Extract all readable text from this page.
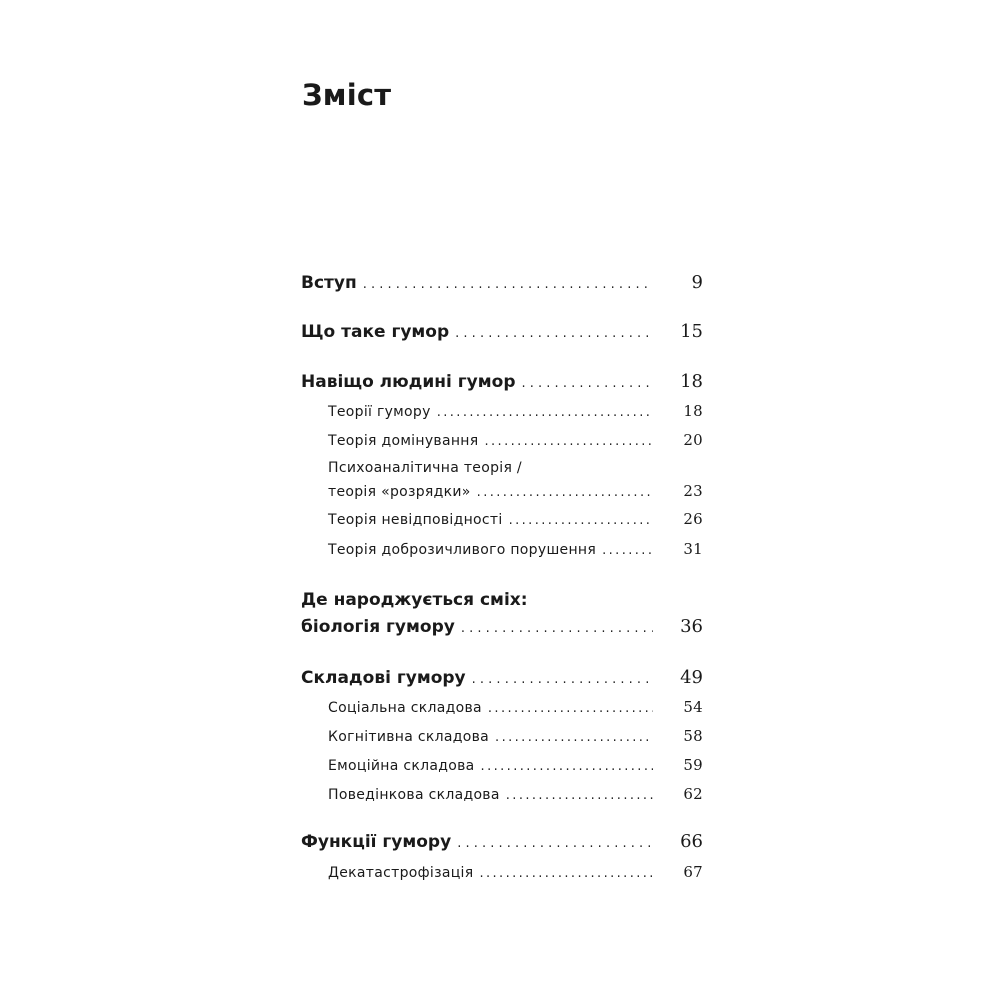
Зміст
Вступ . . .	9
Що таке гумор . . .	15
Навіщо людині гумор . . .	18
Теорії гумору .....	18
Теорія домінування .....	20
Психоаналітична теорія /
теорія «розрядки» .....	23
Теорія невідповідності .....	26
Теорія доброзичливого порушення .....	31
Де народжується сміх:
біологія гумору . . .	36
Складові гумору . . .	49
Соціальна складова .....	54
Когнітивна складова .....	58
Емоційна складова .....	59
Поведінкова складова .....	62
Функції гумору . . .	66
Декатастрофізація .....	67
